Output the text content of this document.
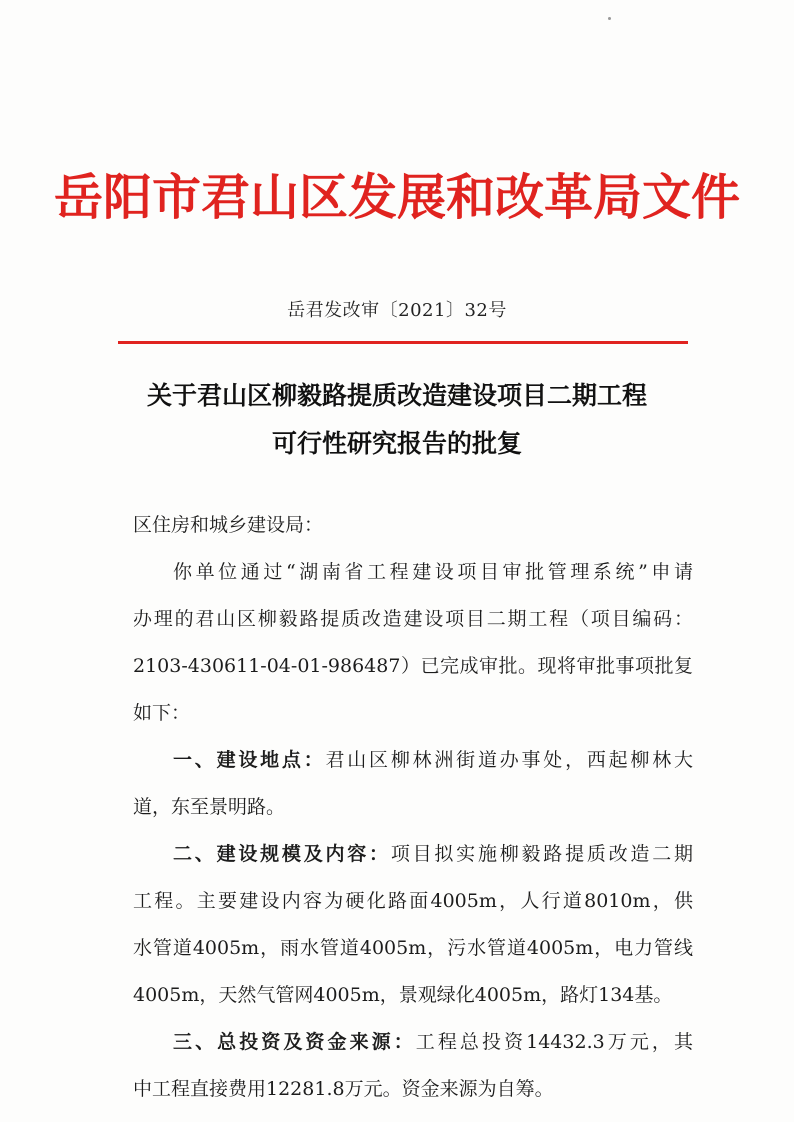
岳阳市君山区发展和改革局文件
岳君发改审〔2021〕32号
关于君山区柳毅路提质改造建设项目二期工程
可行性研究报告的批复
区住房和城乡建设局：
你单位通过“湖南省工程建设项目审批管理系统”申请
办理的君山区柳毅路提质改造建设项目二期工程（项目编码：
2103-430611-04-01-986487）已完成审批。现将审批事项批复
如下：
一、建设地点：君山区柳林洲街道办事处，西起柳林大
道，东至景明路。
二、建设规模及内容：项目拟实施柳毅路提质改造二期
工程。主要建设内容为硬化路面4005m，人行道8010m，供
水管道4005m，雨水管道4005m，污水管道4005m，电力管线
4005m，天然气管网4005m，景观绿化4005m，路灯134基。
三、总投资及资金来源：工程总投资14432.3万元，其
中工程直接费用12281.8万元。资金来源为自筹。
